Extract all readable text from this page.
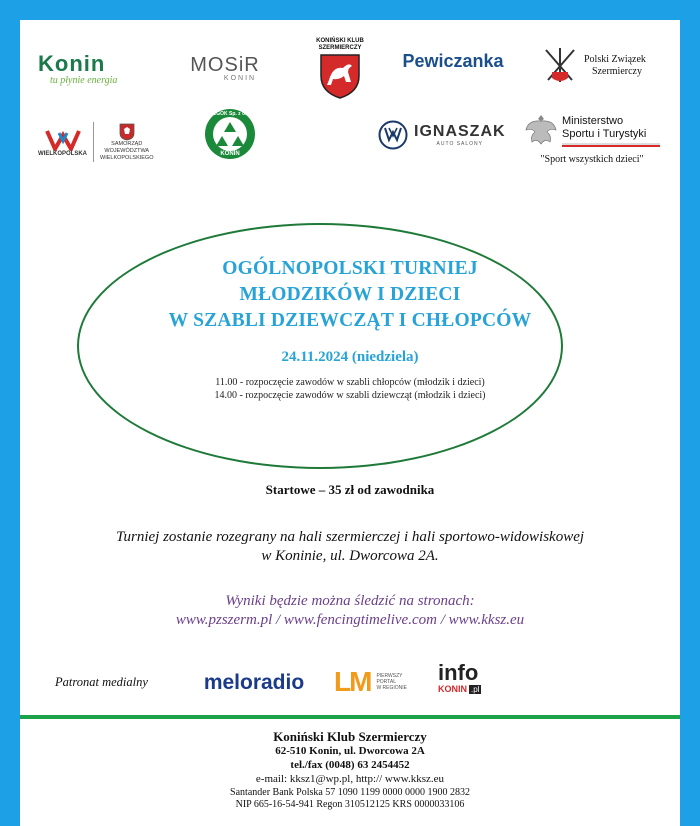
Konin
tu płynie energia
MOSiR
KONIN
KONIŃSKI KLUB
SZERMIERCZY
Pewiczanka	Polski Związek
Szermierczy
WIELKOPOLSKA
SAMORZĄD
WOJEWÓDZTWA
WIELKOPOLSKIEGO
MZGOK Sp. z o.o.
KONIN
IGNASZAK
AUTO SALONY
Ministerstwo
Sportu i Turystyki
"Sport wszystkich dzieci"
OGÓLNOPOLSKI TURNIEJ
MŁODZIKÓW I DZIECI
W SZABLI DZIEWCZĄT I CHŁOPCÓW
24.11.2024 (niedziela)
11.00 - rozpoczęcie zawodów w szabli chłopców (młodzik i dzieci)
14.00 - rozpoczęcie zawodów w szabli dziewcząt (młodzik i dzieci)
Startowe – 35 zł od zawodnika
Turniej zostanie rozegrany na hali szermierczej i hali sportowo-widowiskowej
w Koninie, ul. Dworcowa 2A.
Wyniki będzie można śledzić na stronach:
www.pzszerm.pl / www.fencingtimelive.com / www.kksz.eu
Patronat medialny	meloradio LM PIERWSZY
PORTAL
W REGIONIE
info
KONIN .pl
Koniński Klub Szermierczy
62-510 Konin, ul. Dworcowa 2A
tel./fax (0048) 63 2454452
e-mail: kksz1@wp.pl, http:// www.kksz.eu
Santander Bank Polska 57 1090 1199 0000 0000 1900 2832
NIP 665-16-54-941 Regon 310512125 KRS 0000033106
